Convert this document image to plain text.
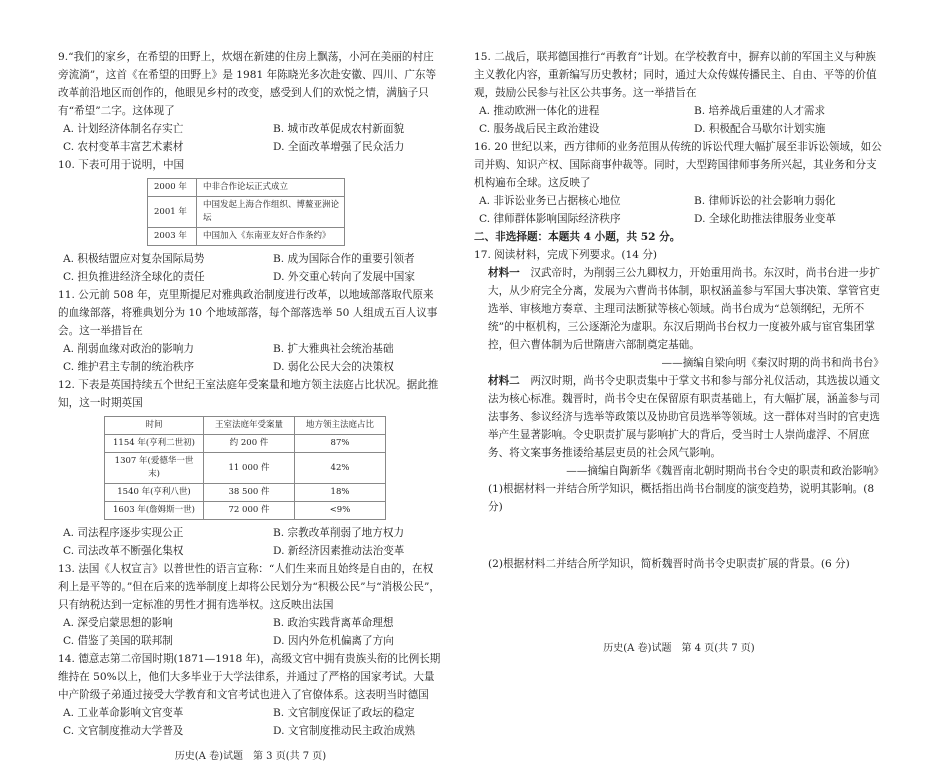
9.“我们的家乡，在希望的田野上，炊烟在新建的住房上飘荡，小河在美丽的村庄旁流淌”，这首《在希望的田野上》是 1981 年陈晓光多次赴安徽、四川、广东等改革前沿地区而创作的，他眼见乡村的改变，感受到人们的欢悦之情，满脑子只有“希望”二字。这体现了

A. 计划经济体制名存实亡	B. 城市改革促成农村新面貌
C. 农村变革丰富艺术素材	D. 全面改革增强了民众活力

10. 下表可用于说明，中国

2000 年	中非合作论坛正式成立
2001 年	中国发起上海合作组织、博鳌亚洲论坛
2003 年	中国加入《东南亚友好合作条约》
A. 积极结盟应对复杂国际局势	B. 成为国际合作的重要引领者
C. 担负推进经济全球化的责任	D. 外交重心转向了发展中国家

11. 公元前 508 年，克里斯提尼对雅典政治制度进行改革，以地域部落取代原来的血缘部落，将雅典划分为 10 个地域部落，每个部落选举 50 人组成五百人议事会。这一举措旨在

A. 削弱血缘对政治的影响力	B. 扩大雅典社会统治基础
C. 维护君主专制的统治秩序	D. 弱化公民大会的决策权

12. 下表是英国持续五个世纪王室法庭年受案量和地方领主法庭占比状况。据此推知，这一时期英国

时间	王室法庭年受案量	地方领主法庭占比
1154 年(亨利二世初)	约 200 件	87%
1307 年(爱德华一世末)	11 000 件	42%
1540 年(亨利八世)	38 500 件	18%
1603 年(詹姆斯一世)	72 000 件	<9%
A. 司法程序逐步实现公正	B. 宗教改革削弱了地方权力
C. 司法改革不断强化集权	D. 新经济因素推动法治变革

13. 法国《人权宣言》以普世性的语言宣称：“人们生来而且始终是自由的，在权利上是平等的。”但在后来的选举制度上却将公民划分为“积极公民”与“消极公民”，只有纳税达到一定标准的男性才拥有选举权。这反映出法国

A. 深受启蒙思想的影响	B. 政治实践背离革命理想
C. 借鉴了美国的联邦制	D. 因内外危机偏离了方向

14. 德意志第二帝国时期(1871—1918 年)，高级文官中拥有贵族头衔的比例长期维持在 50%以上，他们大多毕业于大学法律系，并通过了严格的国家考试。大量中产阶级子弟通过接受大学教育和文官考试也进入了官僚体系。这表明当时德国

A. 工业革命影响文官变革	B. 文官制度保证了政坛的稳定
C. 文官制度推动大学普及	D. 文官制度推动民主政治成熟
历史(A 卷)试题　第 3 页(共 7 页)

15. 二战后，联邦德国推行“再教育”计划。在学校教育中，摒弃以前的军国主义与种族主义教化内容，重新编写历史教材；同时，通过大众传媒传播民主、自由、平等的价值观，鼓励公民参与社区公共事务。这一举措旨在

A. 推动欧洲一体化的进程	B. 培养战后重建的人才需求
C. 服务战后民主政治建设	D. 积极配合马歇尔计划实施

16. 20 世纪以来，西方律师的业务范围从传统的诉讼代理大幅扩展至非诉讼领域，如公司并购、知识产权、国际商事仲裁等。同时，大型跨国律师事务所兴起，其业务和分支机构遍布全球。这反映了

A. 非诉讼业务已占据核心地位	B. 律师诉讼的社会影响力弱化
C. 律师群体影响国际经济秩序	D. 全球化助推法律服务业变革
二、非选择题：本题共 4 小题，共 52 分。

17. 阅读材料，完成下列要求。(14 分)

材料一　汉武帝时，为削弱三公九卿权力，开始重用尚书。东汉时，尚书台进一步扩大，从少府完全分离，发展为六曹尚书体制，职权涵盖参与军国大事决策、掌管官吏选举、审核地方奏章、主理司法断狱等核心领域。尚书台成为“总领纲纪，无所不统”的中枢机构，三公逐渐沦为虚职。东汉后期尚书台权力一度被外戚与宦官集团掌控，但六曹体制为后世隋唐六部制奠定基础。

——摘编自梁向明《秦汉时期的尚书和尚书台》

材料二　两汉时期，尚书令史职责集中于掌文书和参与部分礼仪活动，其选拔以通文法为核心标准。魏晋时，尚书令史在保留原有职责基础上，有大幅扩展，涵盖参与司法事务、参议经济与选举等政策以及协助官员选举等领域。这一群体对当时的官吏选举产生显著影响。令史职责扩展与影响扩大的背后，受当时士人崇尚虚浮、不屑庶务、将文案事务推诿给基层吏员的社会风气影响。

——摘编自陶新华《魏晋南北朝时期尚书台令史的职责和政治影响》

(1)根据材料一并结合所学知识，概括指出尚书台制度的演变趋势，说明其影响。(8 分)

(2)根据材料二并结合所学知识，简析魏晋时尚书令史职责扩展的背景。(6 分)

历史(A 卷)试题　第 4 页(共 7 页)
